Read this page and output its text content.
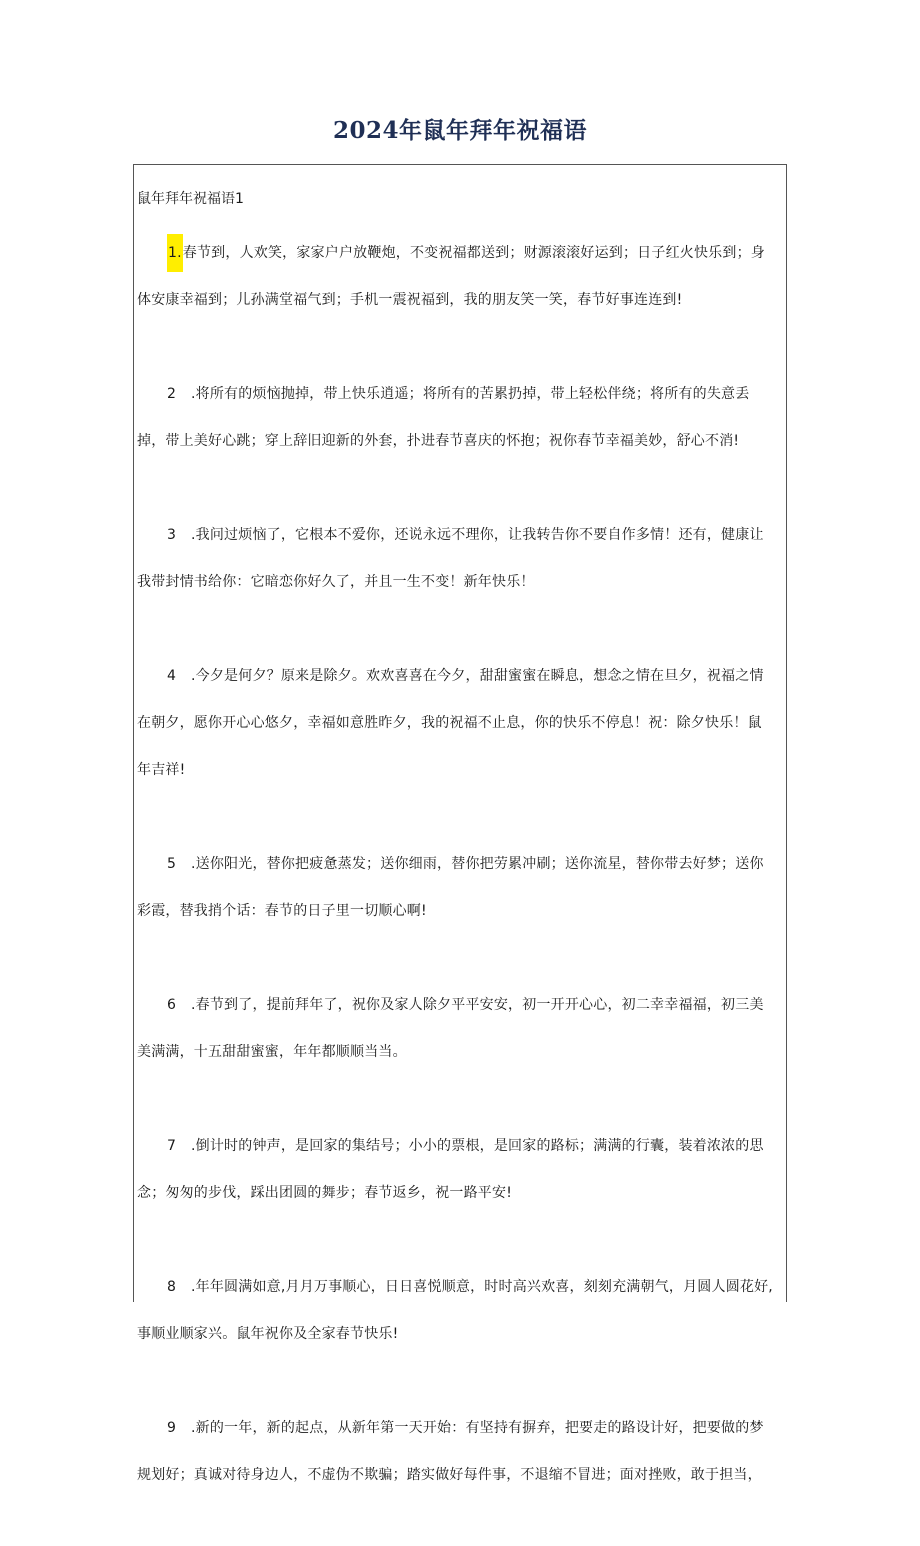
2024年鼠年拜年祝福语
鼠年拜年祝福语1
1.春节到，人欢笑，家家户户放鞭炮，不变祝福都送到；财源滚滚好运到；日子红火快乐到；身
体安康幸福到；儿孙满堂福气到；手机一震祝福到，我的朋友笑一笑，春节好事连连到!
2 .将所有的烦恼抛掉，带上快乐逍遥；将所有的苦累扔掉，带上轻松伴绕；将所有的失意丢
掉，带上美好心跳；穿上辞旧迎新的外套，扑进春节喜庆的怀抱；祝你春节幸福美妙，舒心不消!
3 .我问过烦恼了，它根本不爱你，还说永远不理你，让我转告你不要自作多情！还有，健康让
我带封情书给你：它暗恋你好久了，并且一生不变！新年快乐！
4 .今夕是何夕？原来是除夕。欢欢喜喜在今夕，甜甜蜜蜜在瞬息，想念之情在旦夕，祝福之情
在朝夕，愿你开心心悠夕，幸福如意胜昨夕，我的祝福不止息，你的快乐不停息！祝：除夕快乐！鼠
年吉祥!
5 .送你阳光，替你把疲惫蒸发；送你细雨，替你把劳累冲刷；送你流星，替你带去好梦；送你
彩霞，替我捎个话：春节的日子里一切顺心啊!
6 .春节到了，提前拜年了，祝你及家人除夕平平安安，初一开开心心，初二幸幸福福，初三美
美满满，十五甜甜蜜蜜，年年都顺顺当当。
7 .倒计时的钟声，是回家的集结号；小小的票根，是回家的路标；满满的行囊，装着浓浓的思
念；匆匆的步伐，踩出团圆的舞步；春节返乡，祝一路平安!
8 .年年圆满如意,月月万事顺心，日日喜悦顺意，时时高兴欢喜，刻刻充满朝气，月圆人圆花好,
事顺业顺家兴。鼠年祝你及全家春节快乐!
9 .新的一年，新的起点，从新年第一天开始：有坚持有摒弃，把要走的路设计好，把要做的梦
规划好；真诚对待身边人，不虚伪不欺骗；踏实做好每件事，不退缩不冒进；面对挫败，敢于担当，
